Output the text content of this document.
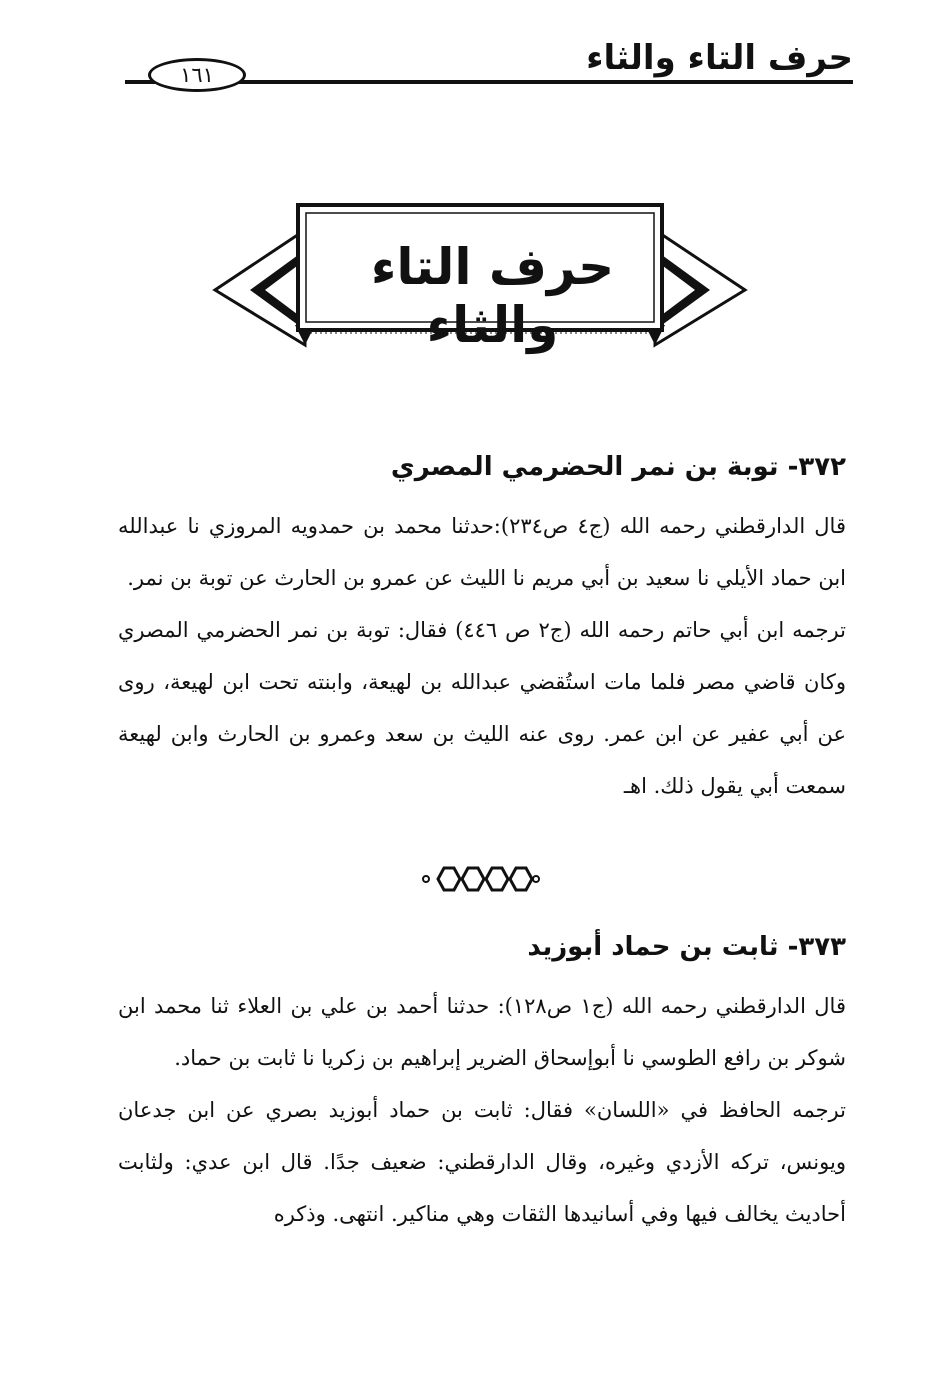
حرف التاء والثاء
١٦١
حرف التاء والثاء
٣٧٢- توبة بن نمر الحضرمي المصري

قال الدارقطني رحمه الله (ج٤ ص٢٣٤):حدثنا محمد بن حمدويه المروزي نا عبدالله ابن حماد الأيلي نا سعيد بن أبي مريم نا الليث عن عمرو بن الحارث عن توبة بن نمر.

ترجمه ابن أبي حاتم رحمه الله (ج٢ ص ٤٤٦) فقال: توبة بن نمر الحضرمي المصري وكان قاضي مصر فلما مات استُقضي عبدالله بن لهيعة، وابنته تحت ابن لهيعة، روى عن أبي عفير عن ابن عمر. روى عنه الليث بن سعد وعمرو بن الحارث وابن لهيعة سمعت أبي يقول ذلك. اهـ

٣٧٣- ثابت بن حماد أبوزيد

قال الدارقطني رحمه الله (ج١ ص١٢٨): حدثنا أحمد بن علي بن العلاء ثنا محمد ابن شوكر بن رافع الطوسي نا أبوإسحاق الضرير إبراهيم بن زكريا نا ثابت بن حماد.

ترجمه الحافظ في «اللسان» فقال: ثابت بن حماد أبوزيد بصري عن ابن جدعان ويونس، تركه الأزدي وغيره، وقال الدارقطني: ضعيف جدًا. قال ابن عدي: ولثابت أحاديث يخالف فيها وفي أسانيدها الثقات وهي مناكير. انتهى. وذكره
